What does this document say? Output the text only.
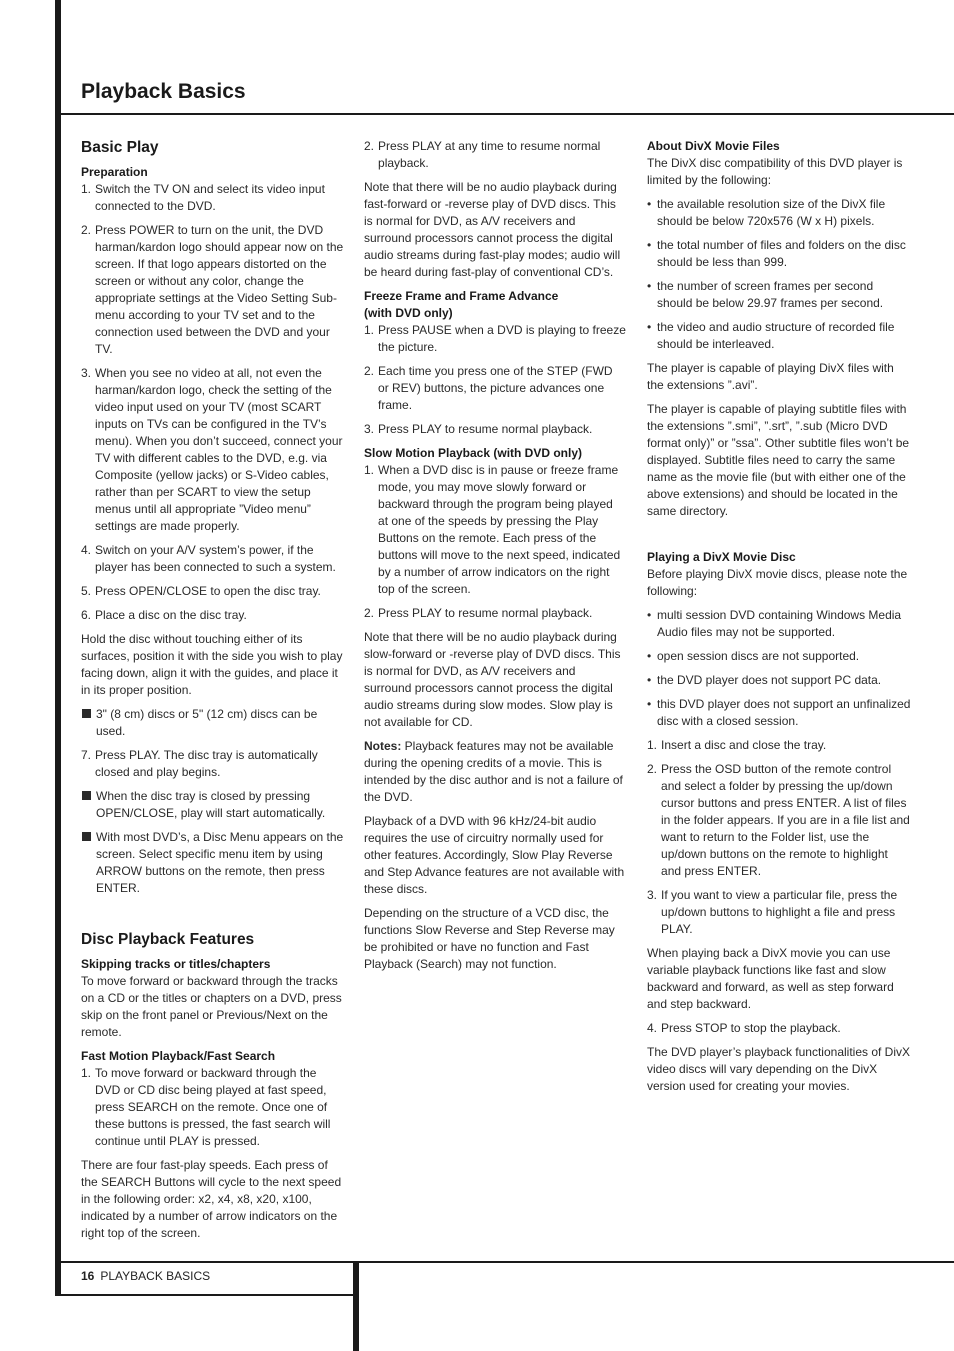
Playback Basics
Basic Play
Preparation
1. Switch the TV ON and select its video input connected to the DVD.
2. Press POWER to turn on the unit, the DVD harman/kardon logo should appear now on the screen. If that logo appears distorted on the screen or without any color, change the appropriate settings at the Video Setting Sub-menu according to your TV set and to the connection used between the DVD and your TV.
3. When you see no video at all, not even the harman/kardon logo, check the setting of the video input used on your TV (most SCART inputs on TVs can be configured in the TV’s menu). When you don’t succeed, connect your TV with different cables to the DVD, e.g. via Composite (yellow jacks) or S-Video cables, rather than per SCART to view the setup menus until all appropriate ”Video menu” settings are made properly.
4. Switch on your A/V system’s power, if the player has been connected to such a system.
5. Press OPEN/CLOSE to open the disc tray.
6. Place a disc on the disc tray.

Hold the disc without touching either of its surfaces, position it with the side you wish to play facing down, align it with the guides, and place it in its proper position.

3" (8 cm) discs or 5" (12 cm) discs can be used.
7. Press PLAY. The disc tray is automatically closed and play begins.
When the disc tray is closed by pressing OPEN/CLOSE, play will start automatically.
With most DVD’s, a Disc Menu appears on the screen. Select specific menu item by using ARROW buttons on the remote, then press ENTER.
Disc Playback Features
Skipping tracks or titles/chapters

To move forward or backward through the tracks on a CD or the titles or chapters on a DVD, press skip on the front panel or Previous/Next on the remote.

Fast Motion Playback/Fast Search
1. To move forward or backward through the DVD or CD disc being played at fast speed, press SEARCH on the remote. Once one of these buttons is pressed, the fast search will continue until PLAY is pressed.

There are four fast-play speeds. Each press of the SEARCH Buttons will cycle to the next speed in the following order: x2, x4, x8, x20, x100, indicated by a number of arrow indicators on the right top of the screen.

2. Press PLAY at any time to resume normal playback.

Note that there will be no audio playback during fast-forward or -reverse play of DVD discs. This is normal for DVD, as A/V receivers and surround processors cannot process the digital audio streams during fast-play modes; audio will be heard during fast-play of conventional CD’s.

Freeze Frame and Frame Advance
(with DVD only)
1. Press PAUSE when a DVD is playing to freeze the picture.
2. Each time you press one of the STEP (FWD or REV) buttons, the picture advances one frame.
3. Press PLAY to resume normal playback.
Slow Motion Playback (with DVD only)
1. When a DVD disc is in pause or freeze frame mode, you may move slowly forward or backward through the program being played at one of the speeds by pressing the Play Buttons on the remote. Each press of the buttons will move to the next speed, indicated by a number of arrow indicators on the right top of the screen.
2. Press PLAY to resume normal playback.

Note that there will be no audio playback during slow-forward or -reverse play of DVD discs. This is normal for DVD, as A/V receivers and surround processors cannot process the digital audio streams during slow modes. Slow play is not available for CD.

Notes: Playback features may not be available during the opening credits of a movie. This is intended by the disc author and is not a failure of the DVD.

Playback of a DVD with 96 kHz/24-bit audio requires the use of circuitry normally used for other features. Accordingly, Slow Play Reverse and Step Advance features are not available with these discs.

Depending on the structure of a VCD disc, the functions Slow Reverse and Step Reverse may be prohibited or have no function and Fast Playback (Search) may not function.

About DivX Movie Files

The DivX disc compatibility of this DVD player is limited by the following:

• the available resolution size of the DivX file should be below 720x576 (W x H) pixels.
• the total number of files and folders on the disc should be less than 999.
• the number of screen frames per second should be below 29.97 frames per second.
• the video and audio structure of recorded file should be interleaved.

The player is capable of playing DivX files with the extensions ”.avi”.

The player is capable of playing subtitle files with the extensions ”.smi”, ”.srt”, ”.sub (Micro DVD format only)” or ”ssa”. Other subtitle files won’t be displayed. Subtitle files need to carry the same name as the movie file (but with either one of the above extensions) and should be located in the same directory.

Playing a DivX Movie Disc

Before playing DivX movie discs, please note the following:

• multi session DVD containing Windows Media Audio files may not be supported.
• open session discs are not supported.
• the DVD player does not support PC data.
• this DVD player does not support an unfinalized disc with a closed session.
1. Insert a disc and close the tray.
2. Press the OSD button of the remote control and select a folder by pressing the up/down cursor buttons and press ENTER. A list of files in the folder appears. If you are in a file list and want to return to the Folder list, use the up/down buttons on the remote to highlight and press ENTER.
3. If you want to view a particular file, press the up/down buttons to highlight a file and press PLAY.

When playing back a DivX movie you can use variable playback functions like fast and slow backward and forward, as well as step forward and step backward.

4. Press STOP to stop the playback.

The DVD player’s playback functionalities of DivX video discs will vary depending on the DivX version used for creating your movies.

16 PLAYBACK BASICS
